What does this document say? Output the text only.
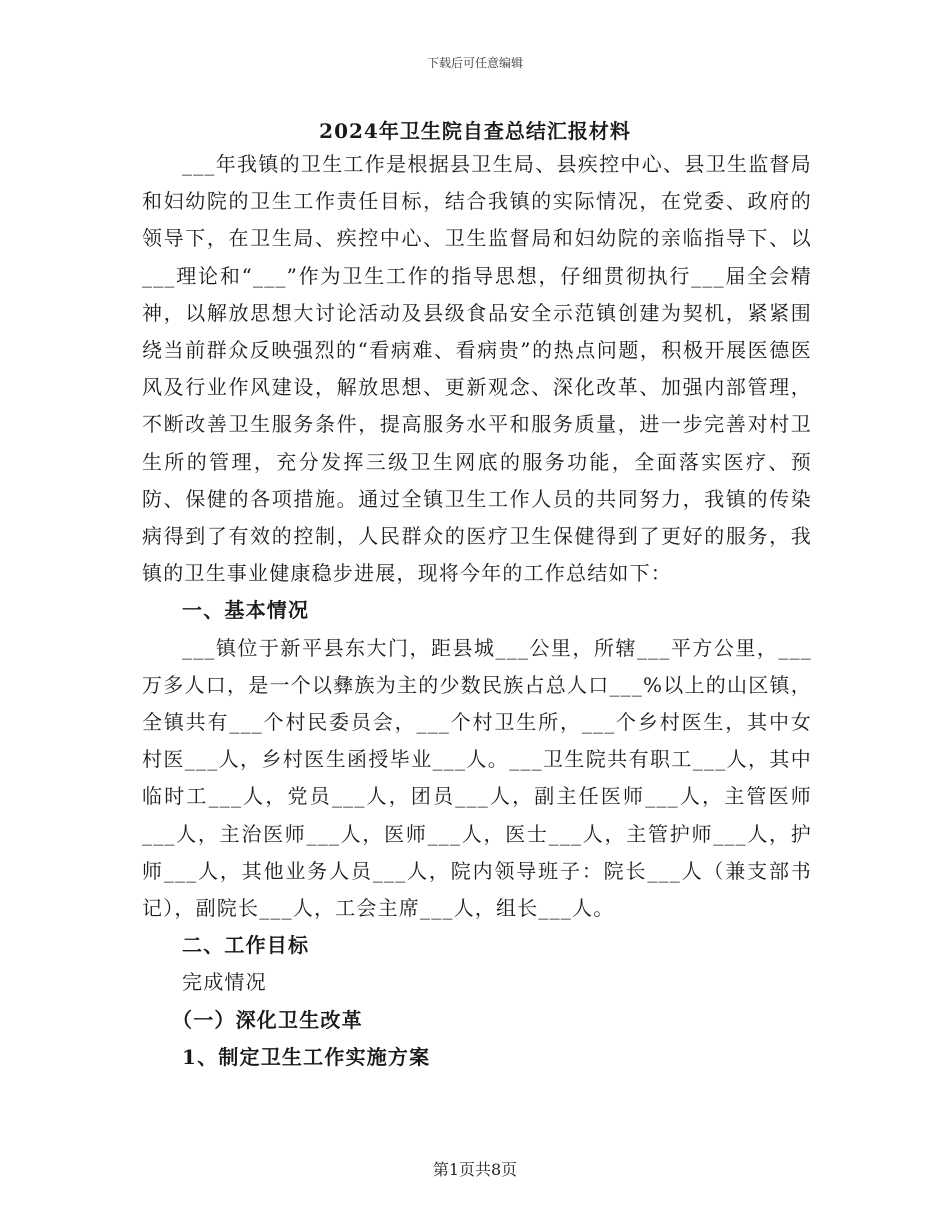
下载后可任意编辑
2024年卫生院自查总结汇报材料

___年我镇的卫生工作是根据县卫生局、县疾控中心、县卫生监督局和妇幼院的卫生工作责任目标，结合我镇的实际情况，在党委、政府的领导下，在卫生局、疾控中心、卫生监督局和妇幼院的亲临指导下、以___理论和“___”作为卫生工作的指导思想，仔细贯彻执行___届全会精神，以解放思想大讨论活动及县级食品安全示范镇创建为契机，紧紧围绕当前群众反映强烈的“看病难、看病贵”的热点问题，积极开展医德医风及行业作风建设，解放思想、更新观念、深化改革、加强内部管理，不断改善卫生服务条件，提高服务水平和服务质量，进一步完善对村卫生所的管理，充分发挥三级卫生网底的服务功能，全面落实医疗、预防、保健的各项措施。通过全镇卫生工作人员的共同努力，我镇的传染病得到了有效的控制，人民群众的医疗卫生保健得到了更好的服务，我镇的卫生事业健康稳步进展，现将今年的工作总结如下：

一、基本情况

___镇位于新平县东大门，距县城___公里，所辖___平方公里，___万多人口，是一个以彝族为主的少数民族占总人口___%以上的山区镇，全镇共有___个村民委员会，___个村卫生所，___个乡村医生，其中女村医___人，乡村医生函授毕业___人。___卫生院共有职工___人，其中临时工___人，党员___人，团员___人，副主任医师___人，主管医师___人，主治医师___人，医师___人，医士___人，主管护师___人，护师___人，其他业务人员___人，院内领导班子：院长___人（兼支部书记），副院长___人，工会主席___人，组长___人。

二、工作目标

完成情况

（一）深化卫生改革

1、制定卫生工作实施方案

第1页共8页
